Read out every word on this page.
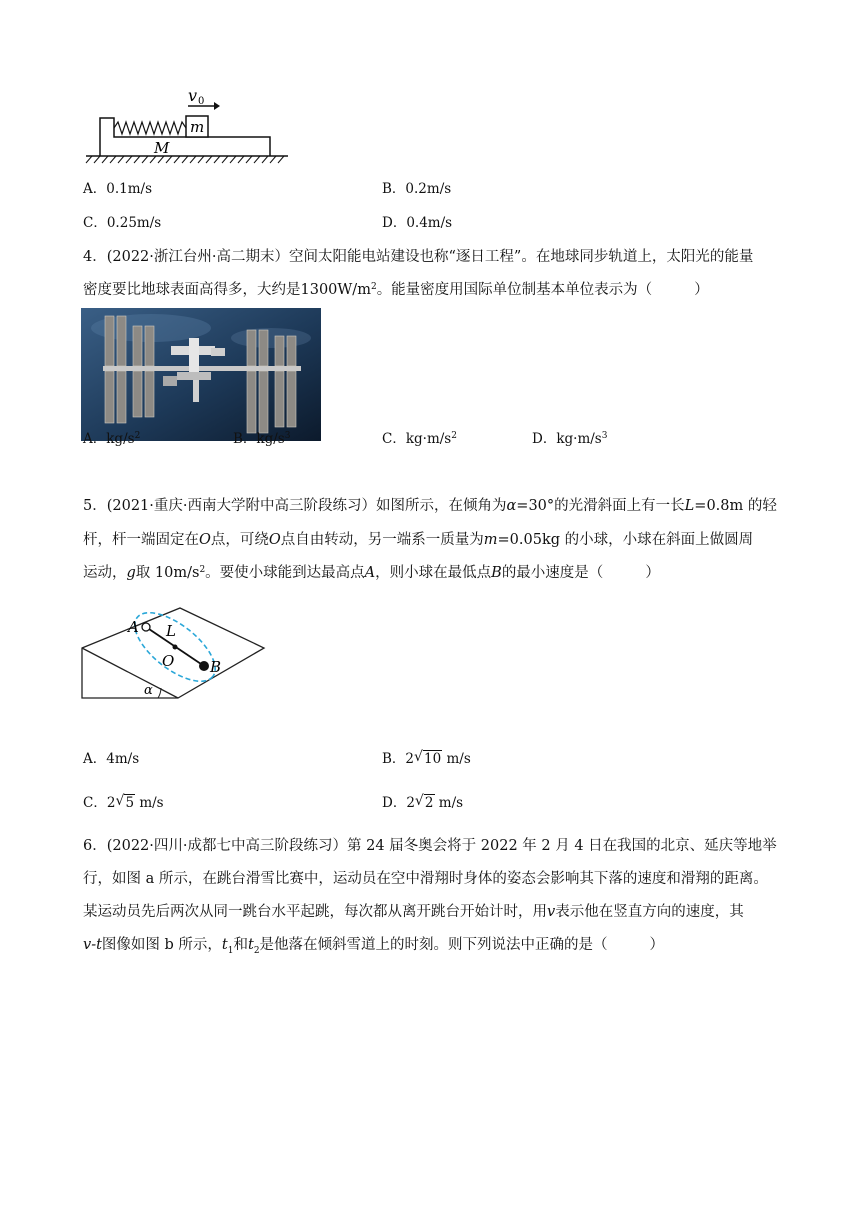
v 0
m
M
A．0.1m/s	B．0.2m/s
C．0.25m/s	D．0.4m/s
4．(2022·浙江台州·高二期末）空间太阳能电站建设也称“逐日工程”。在地球同步轨道上，太阳光的能量
密度要比地球表面高得多，大约是$1300W/m^2$。能量密度用国际单位制基本单位表示为（	）
A．$kg/s^2$	B．$kg/s^3$	C．$kg\cdot m/s^2$	D．$kg\cdot m/s^3$
5．(2021·重庆·西南大学附中高三阶段练习）如图所示，在倾角为α=30°的光滑斜面上有一长L=0.8m 的轻
杆，杆一端固定在O点，可绕O点自由转动，另一端系一质量为m=0.05kg 的小球，小球在斜面上做圆周
运动，g取 $10m/s^2$。要使小球能到达最高点A，则小球在最低点B的最小速度是（	）
A L
O B
α
A．4m/s	B．2 √ 10 m/s
C．2 √ 5 m/s	D．2 √ 2 m/s
6．(2022·四川·成都七中高三阶段练习）第 24 届冬奥会将于 2022 年 2 月 4 日在我国的北京、延庆等地举
行，如图 a 所示，在跳台滑雪比赛中，运动员在空中滑翔时身体的姿态会影响其下落的速度和滑翔的距离。
某运动员先后两次从同一跳台水平起跳，每次都从离开跳台开始计时，用v表示他在竖直方向的速度，其
v-t图像如图 b 所示，$t_1$和$t_2$是他落在倾斜雪道上的时刻。则下列说法中正确的是（	）
